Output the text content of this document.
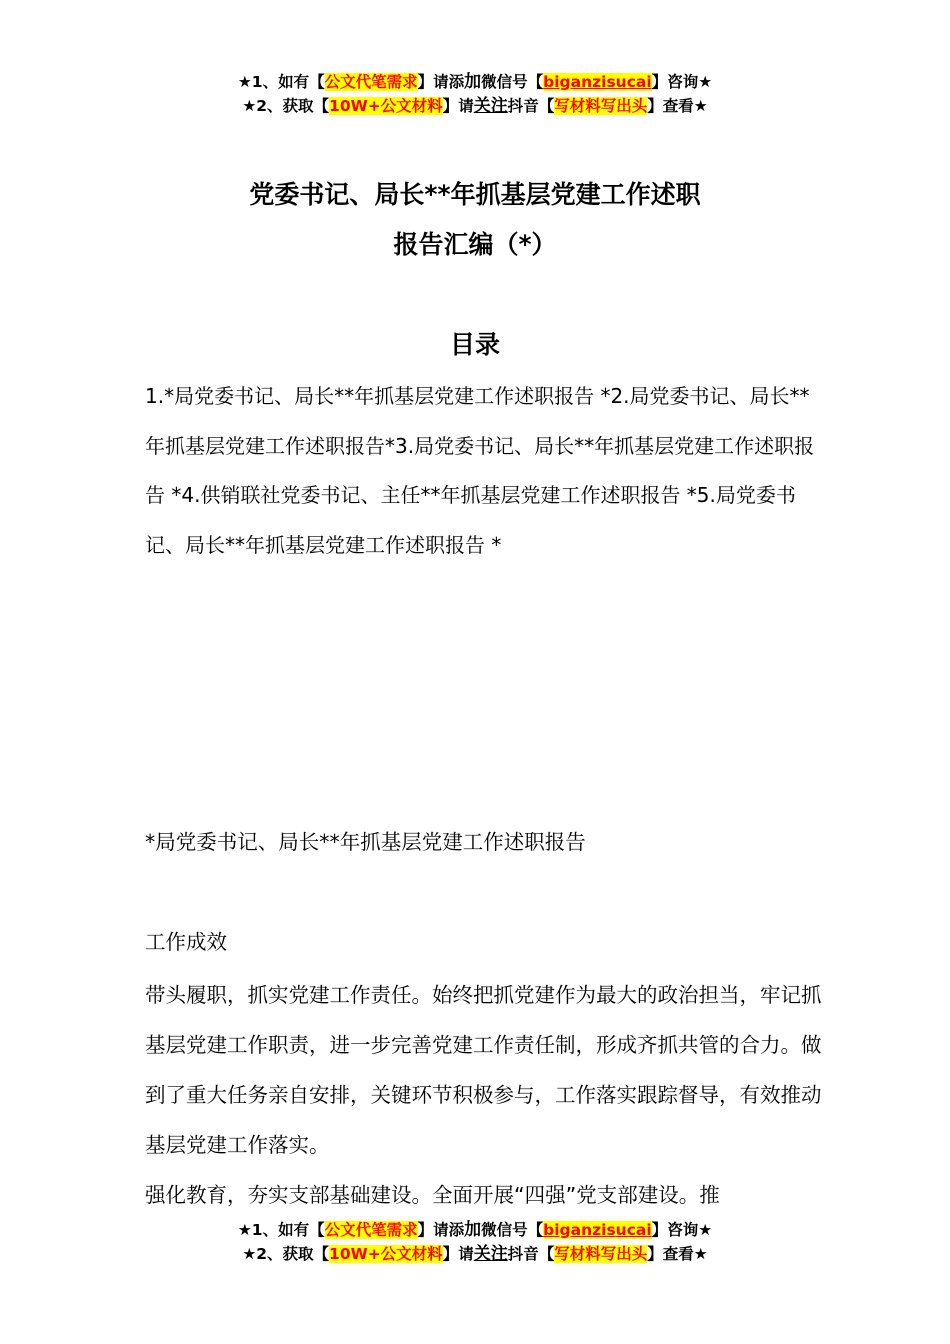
★1、如有【公文代笔需求】请添加微信号【biganzisucai】咨询★
★2、获取【10W+公文材料】请关注抖音【写材料写出头】查看★
党委书记、局长**年抓基层党建工作述职
报告汇编（*）
目录
1.*局党委书记、局长**年抓基层党建工作述职报告 *2.局党委书记、局长**年抓基层党建工作述职报告*3.局党委书记、局长**年抓基层党建工作述职报告 *4.供销联社党委书记、主任**年抓基层党建工作述职报告 *5.局党委书记、局长**年抓基层党建工作述职报告 *
*局党委书记、局长**年抓基层党建工作述职报告
工作成效

带头履职，抓实党建工作责任。始终把抓党建作为最大的政治担当，牢记抓基层党建工作职责，进一步完善党建工作责任制，形成齐抓共管的合力。做到了重大任务亲自安排，关键环节积极参与，工作落实跟踪督导，有效推动基层党建工作落实。

强化教育，夯实支部基础建设。全面开展“四强”党支部建设。推

★1、如有【公文代笔需求】请添加微信号【biganzisucai】咨询★
★2、获取【10W+公文材料】请关注抖音【写材料写出头】查看★
